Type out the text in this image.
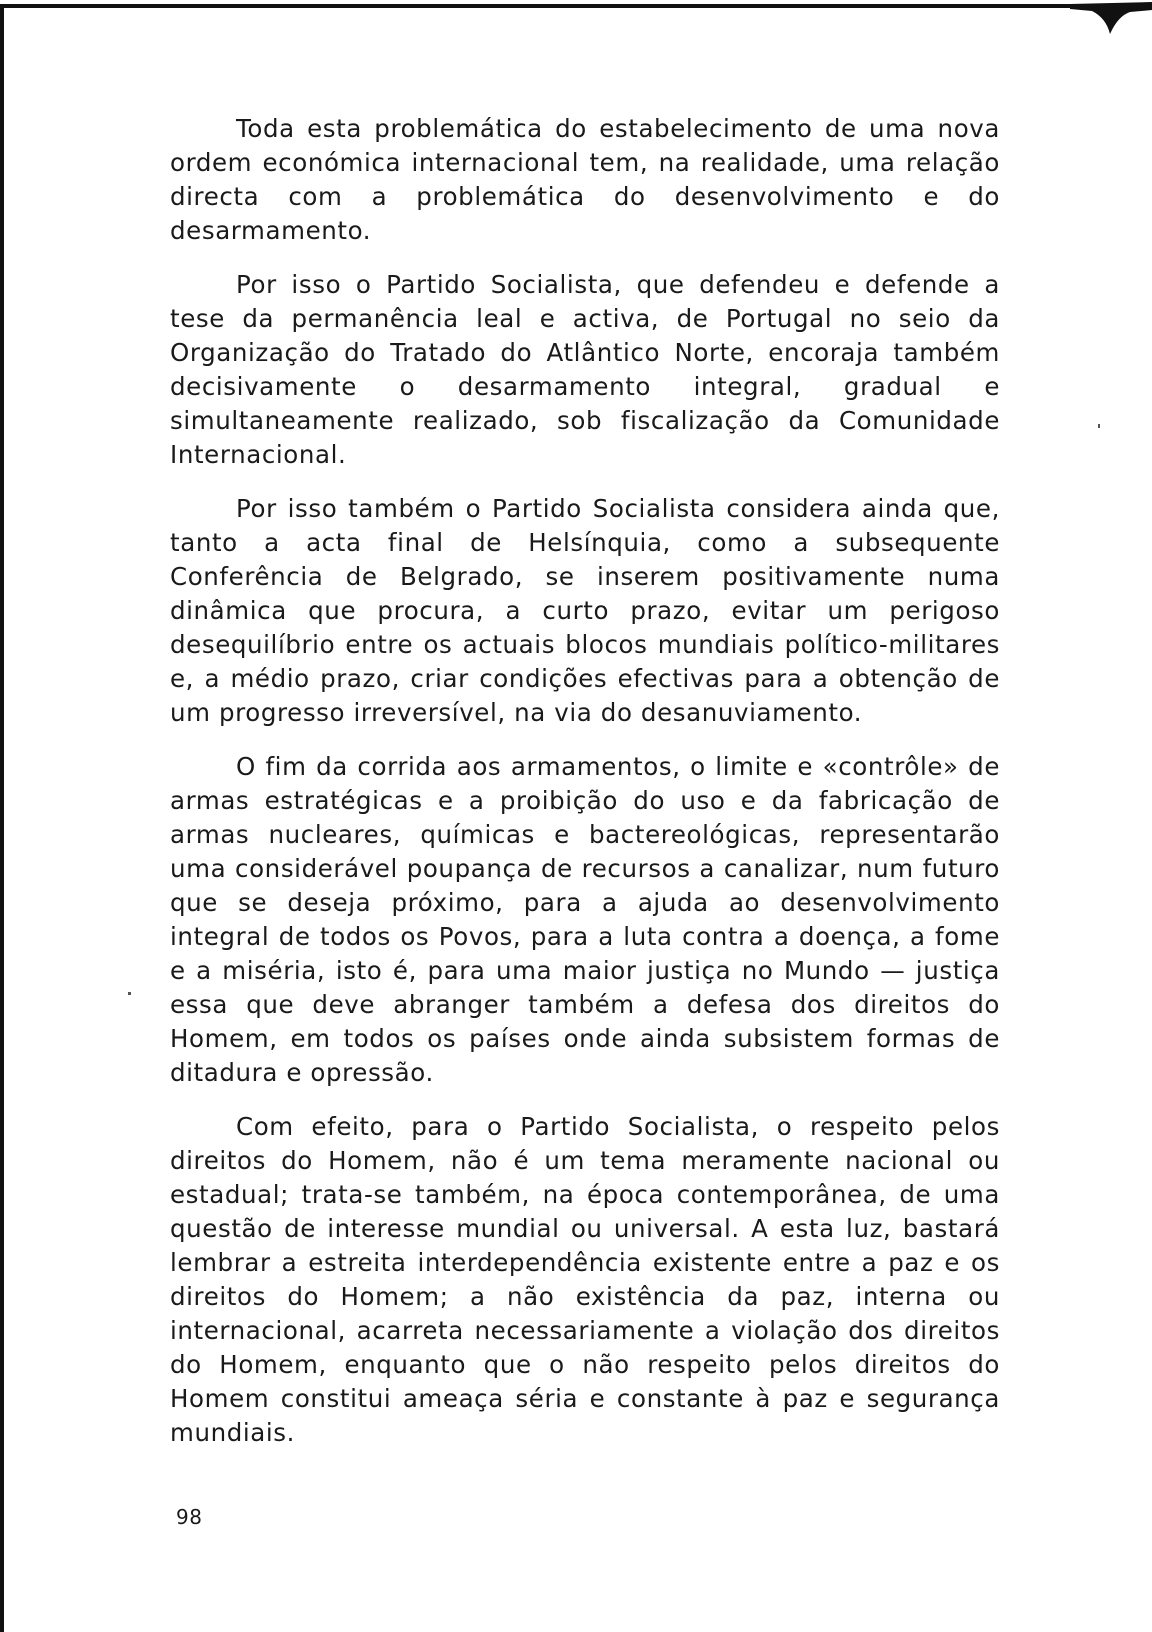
Toda esta problemática do estabelecimento de uma nova ordem económica internacional tem, na realidade, uma relação directa com a problemática do desenvolvimento e do desarmamento.

Por isso o Partido Socialista, que defendeu e defende a tese da permanência leal e activa, de Portugal no seio da Organização do Tratado do Atlântico Norte, encoraja também decisivamente o desarmamento integral, gradual e simultaneamente realizado, sob fiscalização da Comunidade Internacional.

Por isso também o Partido Socialista considera ainda que, tanto a acta final de Helsínquia, como a subsequente Conferência de Belgrado, se inserem positivamente numa dinâmica que procura, a curto prazo, evitar um perigoso desequilíbrio entre os actuais blocos mundiais político-militares e, a médio prazo, criar condições efectivas para a obtenção de um progresso irreversível, na via do desanuviamento.

O fim da corrida aos armamentos, o limite e «contrôle» de armas estratégicas e a proibição do uso e da fabricação de armas nucleares, químicas e bactereológicas, representarão uma considerável poupança de recursos a canalizar, num futuro que se deseja próximo, para a ajuda ao desenvolvimento integral de todos os Povos, para a luta contra a doença, a fome e a miséria, isto é, para uma maior justiça no Mundo — justiça essa que deve abranger também a defesa dos direitos do Homem, em todos os países onde ainda subsistem formas de ditadura e opressão.

Com efeito, para o Partido Socialista, o respeito pelos direitos do Homem, não é um tema meramente nacional ou estadual; trata-se também, na época contemporânea, de uma questão de interesse mundial ou universal. A esta luz, bastará lembrar a estreita interdependência existente entre a paz e os direitos do Homem; a não existência da paz, interna ou internacional, acarreta necessariamente a violação dos direitos do Homem, enquanto que o não respeito pelos direitos do Homem constitui ameaça séria e constante à paz e segurança mundiais.

98
